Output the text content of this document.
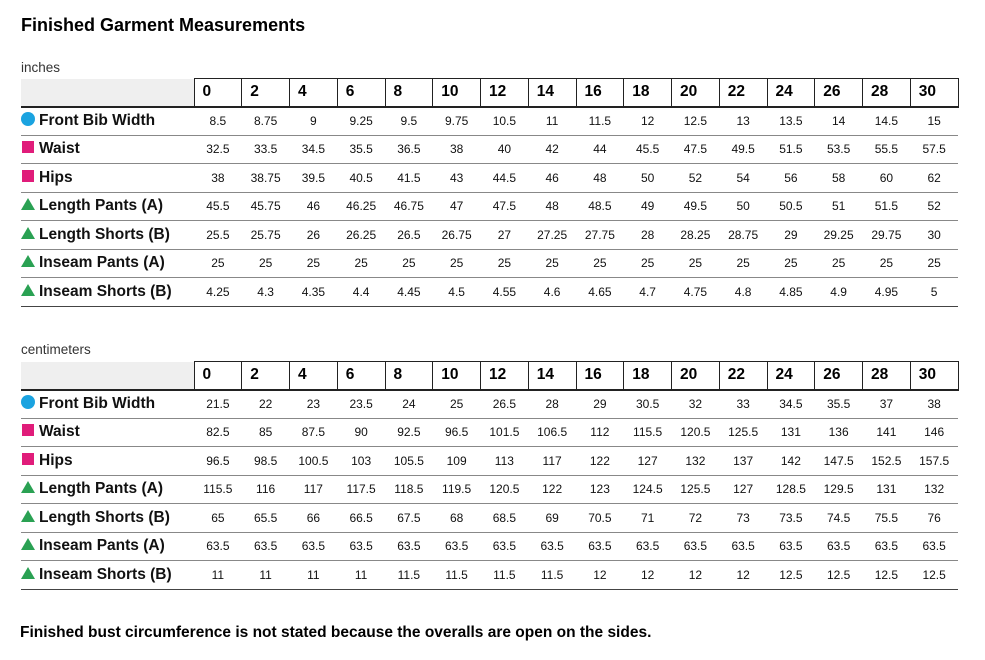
Finished Garment Measurements
inches
	0	2	4	6	8	10	12	14	16	18	20	22	24	26	28	30
Front Bib Width	8.5	8.75	9	9.25	9.5	9.75	10.5	11	11.5	12	12.5	13	13.5	14	14.5	15
Waist	32.5	33.5	34.5	35.5	36.5	38	40	42	44	45.5	47.5	49.5	51.5	53.5	55.5	57.5
Hips	38	38.75	39.5	40.5	41.5	43	44.5	46	48	50	52	54	56	58	60	62
Length Pants (A)	45.5	45.75	46	46.25	46.75	47	47.5	48	48.5	49	49.5	50	50.5	51	51.5	52
Length Shorts (B)	25.5	25.75	26	26.25	26.5	26.75	27	27.25	27.75	28	28.25	28.75	29	29.25	29.75	30
Inseam Pants (A)	25	25	25	25	25	25	25	25	25	25	25	25	25	25	25	25
Inseam Shorts (B)	4.25	4.3	4.35	4.4	4.45	4.5	4.55	4.6	4.65	4.7	4.75	4.8	4.85	4.9	4.95	5
centimeters
	0	2	4	6	8	10	12	14	16	18	20	22	24	26	28	30
Front Bib Width	21.5	22	23	23.5	24	25	26.5	28	29	30.5	32	33	34.5	35.5	37	38
Waist	82.5	85	87.5	90	92.5	96.5	101.5	106.5	112	115.5	120.5	125.5	131	136	141	146
Hips	96.5	98.5	100.5	103	105.5	109	113	117	122	127	132	137	142	147.5	152.5	157.5
Length Pants (A)	115.5	116	117	117.5	118.5	119.5	120.5	122	123	124.5	125.5	127	128.5	129.5	131	132
Length Shorts (B)	65	65.5	66	66.5	67.5	68	68.5	69	70.5	71	72	73	73.5	74.5	75.5	76
Inseam Pants (A)	63.5	63.5	63.5	63.5	63.5	63.5	63.5	63.5	63.5	63.5	63.5	63.5	63.5	63.5	63.5	63.5
Inseam Shorts (B)	11	11	11	11	11.5	11.5	11.5	11.5	12	12	12	12	12.5	12.5	12.5	12.5
Finished bust circumference is not stated because the overalls are open on the sides.
